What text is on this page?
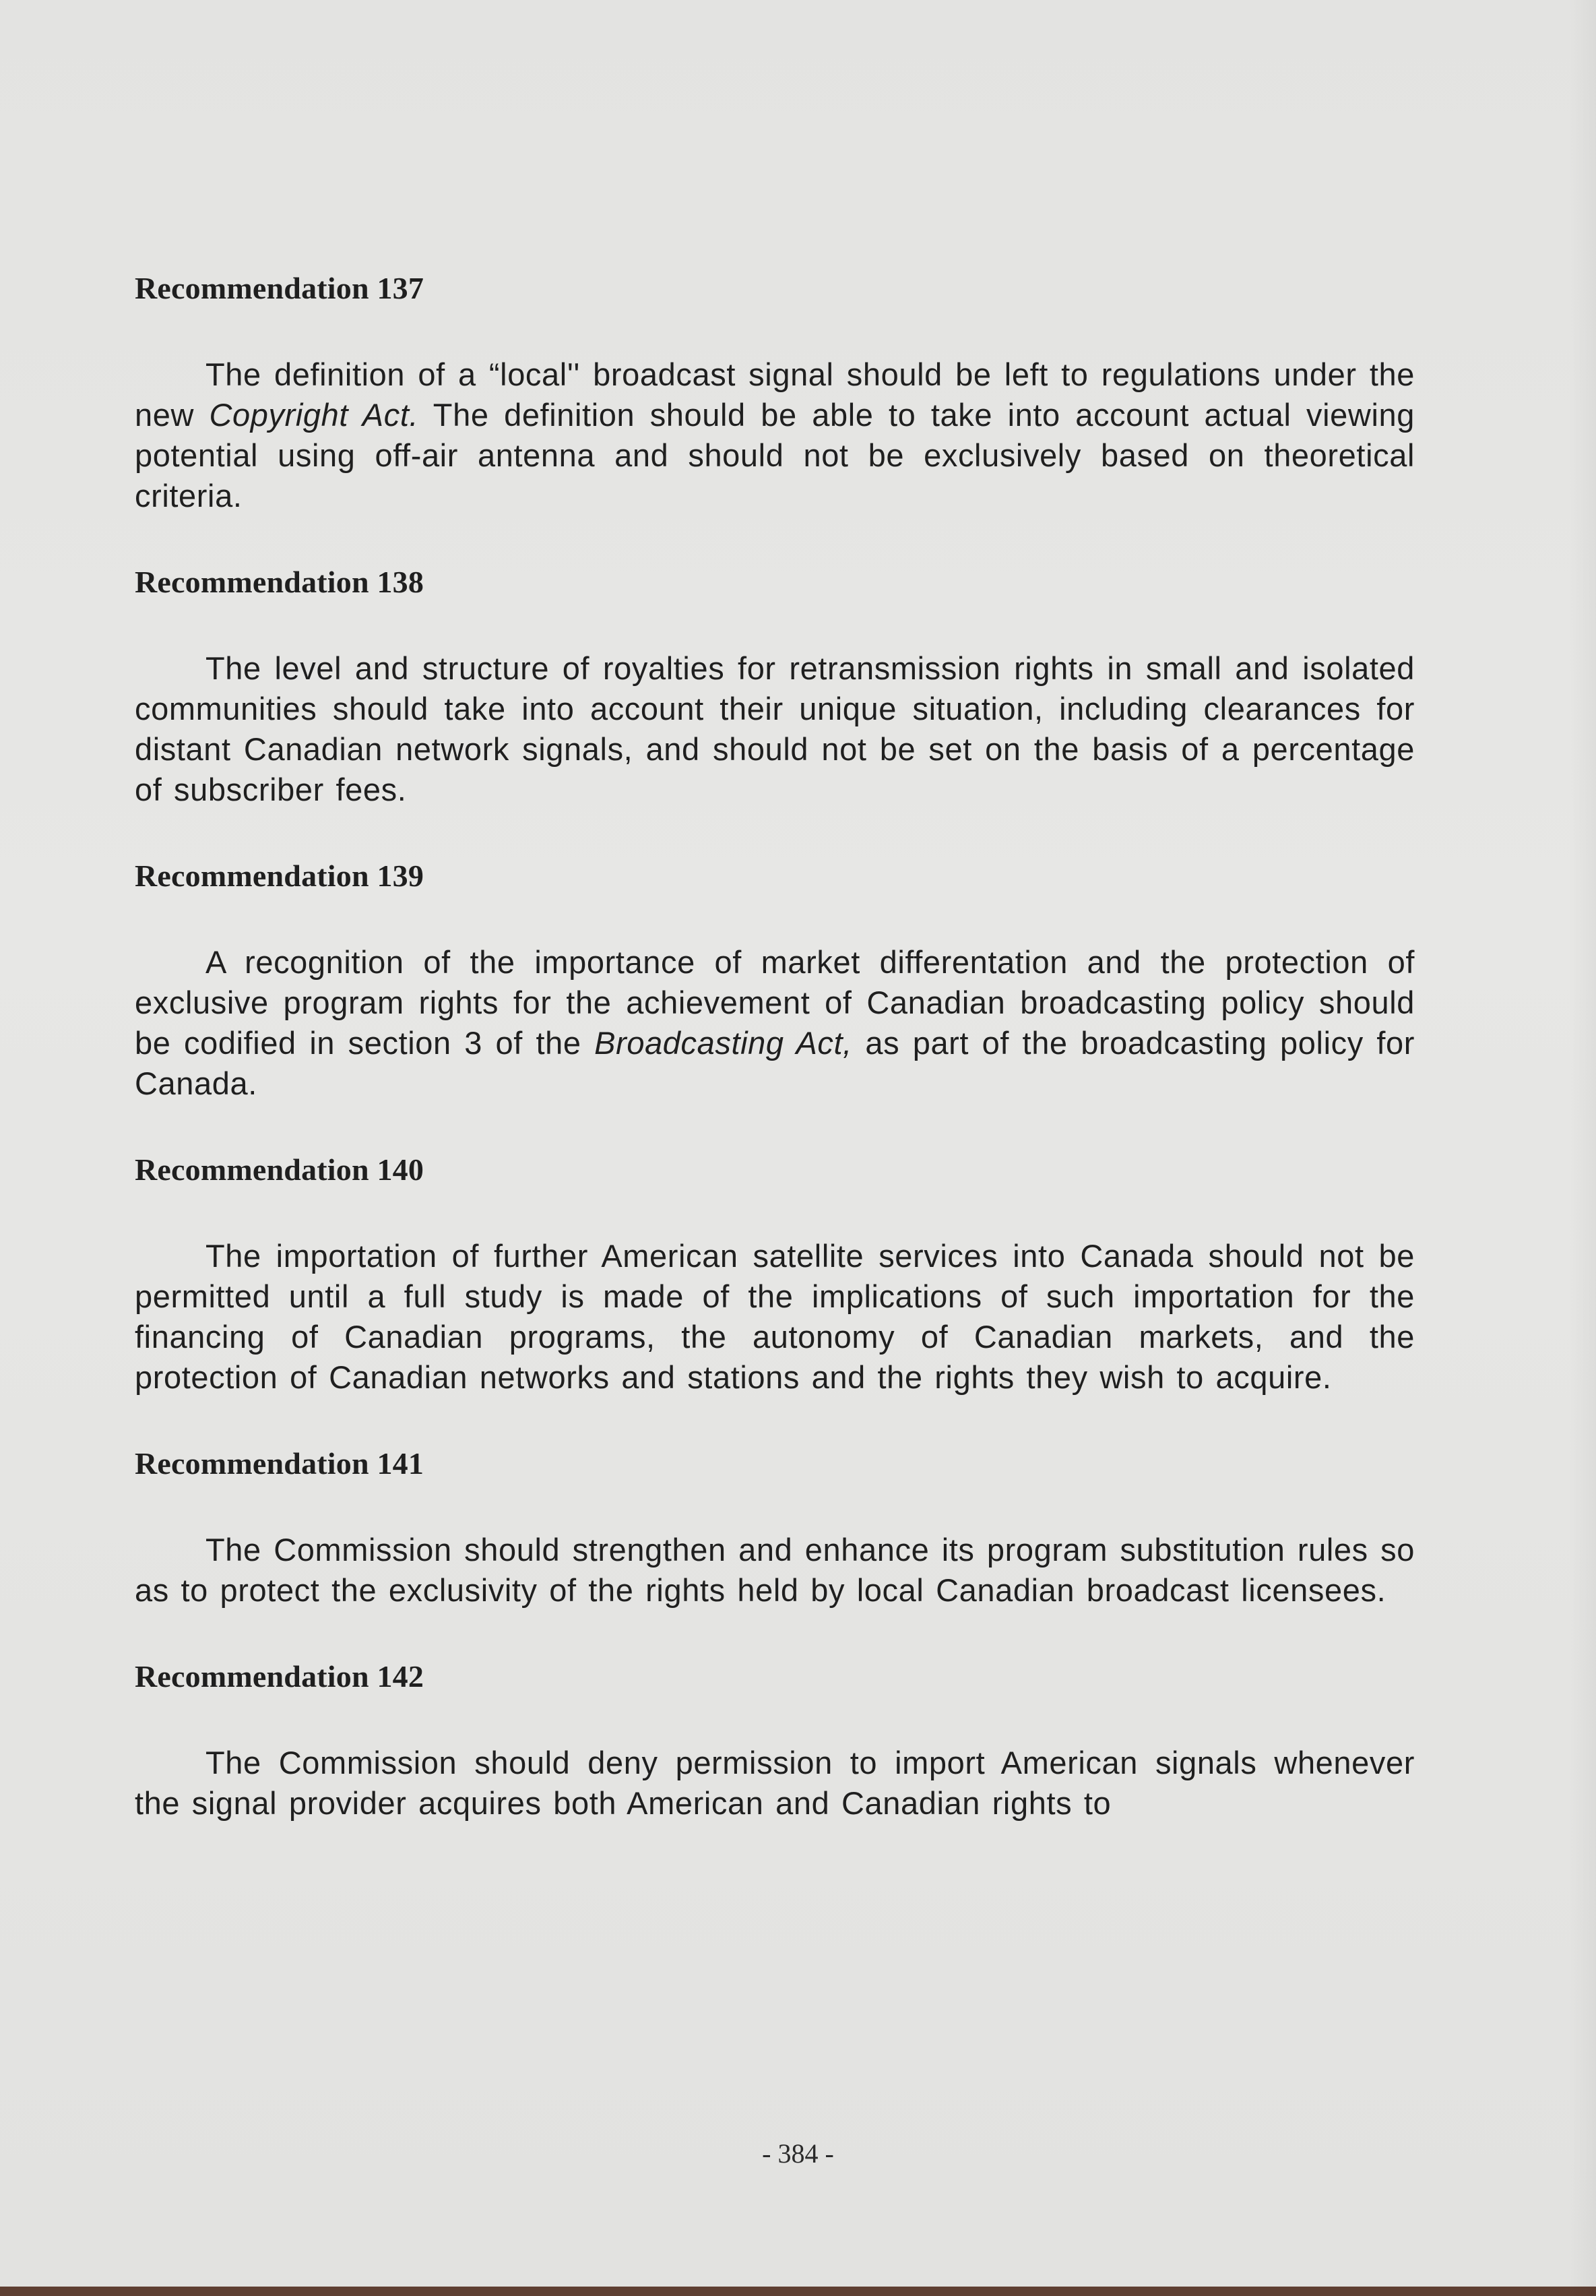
Recommendation 137

The definition of a “local'' broadcast signal should be left to regulations under the new Copyright Act. The definition should be able to take into account actual viewing potential using off-air antenna and should not be exclusively based on theoretical criteria.

Recommendation 138

The level and structure of royalties for retransmission rights in small and isolated communities should take into account their unique situation, including clearances for distant Canadian network signals, and should not be set on the basis of a percentage of subscriber fees.

Recommendation 139

A recognition of the importance of market differentation and the protection of exclusive program rights for the achievement of Canadian broadcasting policy should be codified in section 3 of the Broadcasting Act, as part of the broadcasting policy for Canada.

Recommendation 140

The importation of further American satellite services into Canada should not be permitted until a full study is made of the implications of such importation for the financing of Canadian programs, the autonomy of Canadian markets, and the protection of Canadian networks and stations and the rights they wish to acquire.

Recommendation 141

The Commission should strengthen and enhance its program substitution rules so as to protect the exclusivity of the rights held by local Canadian broadcast licensees.

Recommendation 142

The Commission should deny permission to import American signals whenever the signal provider acquires both American and Canadian rights to

- 384 -
